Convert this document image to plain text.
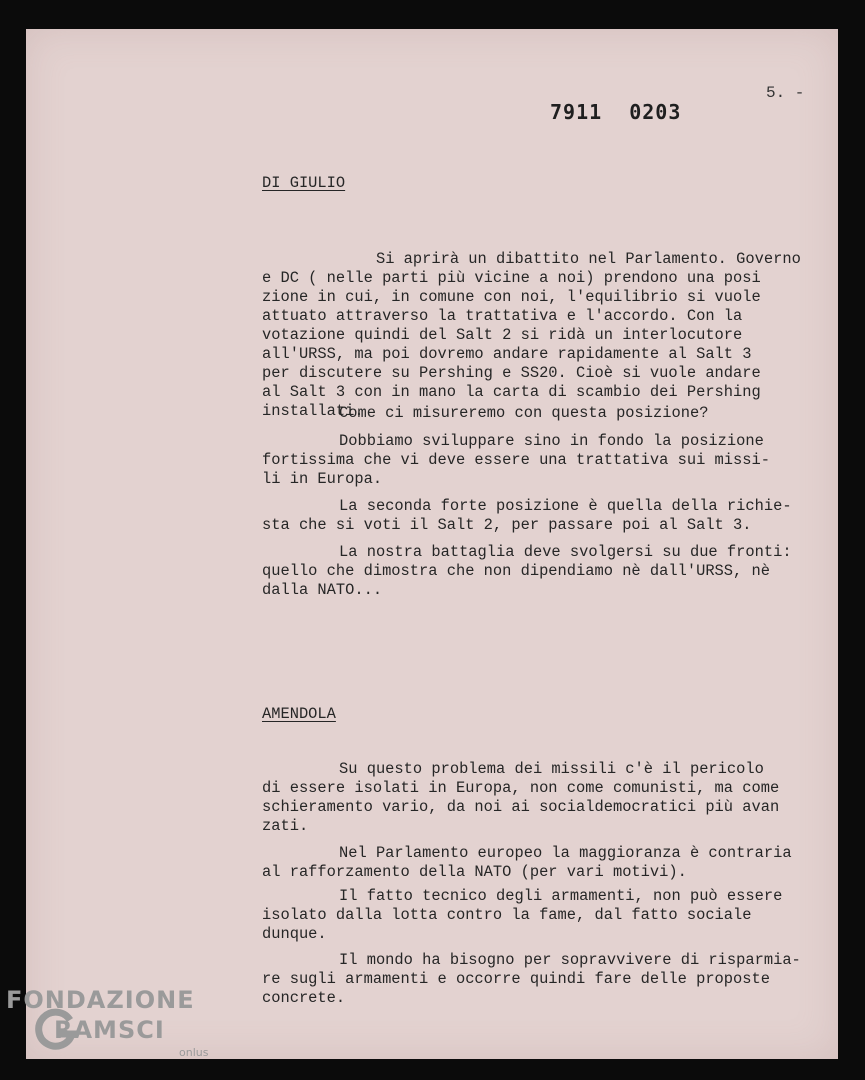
5. -
7911 0203
DI GIULIO

Si aprirà un dibattito nel Parlamento. Governo
e DC ( nelle parti più vicine a noi) prendono una posi
zione in cui, in comune con noi, l'equilibrio si vuole
attuato attraverso la trattativa e l'accordo. Con la
votazione quindi del Salt 2 si ridà un interlocutore
all'URSS, ma poi dovremo andare rapidamente al Salt 3
per discutere su Pershing e SS20. Cioè si vuole andare
al Salt 3 con in mano la carta di scambio dei Pershing
installati.

Come ci misureremo con questa posizione?

Dobbiamo sviluppare sino in fondo la posizione
fortissima che vi deve essere una trattativa sui missi-
li in Europa.

La seconda forte posizione è quella della richie-
sta che si voti il Salt 2, per passare poi al Salt 3.

La nostra battaglia deve svolgersi su due fronti:
quello che dimostra che non dipendiamo nè dall'URSS, nè
dalla NATO...

AMENDOLA

Su questo problema dei missili c'è il pericolo
di essere isolati in Europa, non come comunisti, ma come
schieramento vario, da noi ai socialdemocratici più avan
zati.

Nel Parlamento europeo la maggioranza è contraria
al rafforzamento della NATO (per vari motivi).

Il fatto tecnico degli armamenti, non può essere
isolato dalla lotta contro la fame, dal fatto sociale
dunque.

Il mondo ha bisogno per sopravvivere di risparmia-
re sugli armamenti e occorre quindi fare delle proposte
concrete.

FONDAZIONE
RAMSCI
onlus
